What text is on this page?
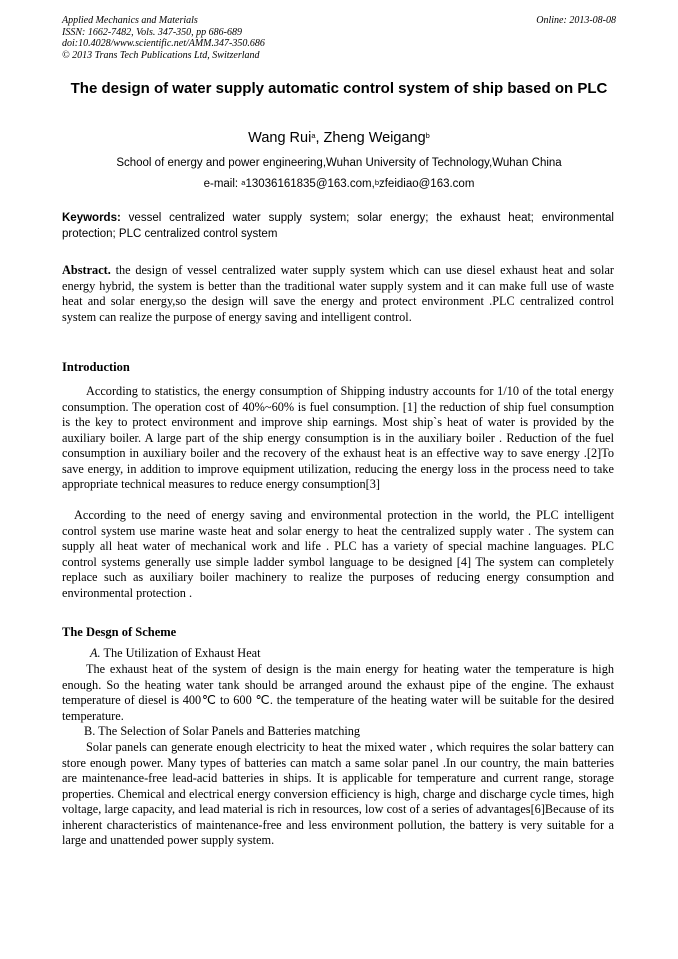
Applied Mechanics and Materials
ISSN: 1662-7482, Vols. 347-350, pp 686-689
doi:10.4028/www.scientific.net/AMM.347-350.686
© 2013 Trans Tech Publications Ltd, Switzerland
Online: 2013-08-08
The design of water supply automatic control system of ship based on PLC
Wang Rui$^a$, Zheng Weigang$^b$
School of energy and power engineering,Wuhan University of Technology,Wuhan China
e-mail: $^a$13036161835@163.com,$^b$zfeidiao@163.com
Keywords: vessel centralized water supply system; solar energy; the exhaust heat; environmental protection; PLC centralized control system
Abstract. the design of vessel centralized water supply system which can use diesel exhaust heat and solar energy hybrid, the system is better than the traditional water supply system and it can make full use of waste heat and solar energy,so the design will save the energy and protect environment .PLC centralized control system can realize the purpose of energy saving and intelligent control.
Introduction
According to statistics, the energy consumption of Shipping industry accounts for 1/10 of the total energy consumption. The operation cost of 40%~60% is fuel consumption. [1] the reduction of ship fuel consumption is the key to protect environment and improve ship earnings. Most ship`s heat of water is provided by the auxiliary boiler. A large part of the ship energy consumption is in the auxiliary boiler . Reduction of the fuel consumption in auxiliary boiler and the recovery of the exhaust heat is an effective way to save energy .[2]To save energy, in addition to improve equipment utilization, reducing the energy loss in the process need to take appropriate technical measures to reduce energy consumption[3]
According to the need of energy saving and environmental protection in the world, the PLC intelligent control system use marine waste heat and solar energy to heat the centralized supply water . The system can supply all heat water of mechanical work and life . PLC has a variety of special machine languages. PLC control systems generally use simple ladder symbol language to be designed [4] The system can completely replace such as auxiliary boiler machinery to realize the purposes of reducing energy consumption and environmental protection .
The Desgn of Scheme
A. The Utilization of Exhaust Heat
The exhaust heat of the system of design is the main energy for heating water the temperature is high enough. So the heating water tank should be arranged around the exhaust pipe of the engine. The exhaust temperature of diesel is 400℃ to 600 ℃. the temperature of the heating water will be suitable for the desired temperature.
B. The Selection of Solar Panels and Batteries matching
Solar panels can generate enough electricity to heat the mixed water , which requires the solar battery can store enough power. Many types of batteries can match a same solar panel .In our country, the main batteries are maintenance-free lead-acid batteries in ships. It is applicable for temperature and current range, storage properties. Chemical and electrical energy conversion efficiency is high, charge and discharge cycle times, high voltage, large capacity, and lead material is rich in resources, low cost of a series of advantages[6]Because of its inherent characteristics of maintenance-free and less environment pollution, the battery is very suitable for a large and unattended power supply system.
